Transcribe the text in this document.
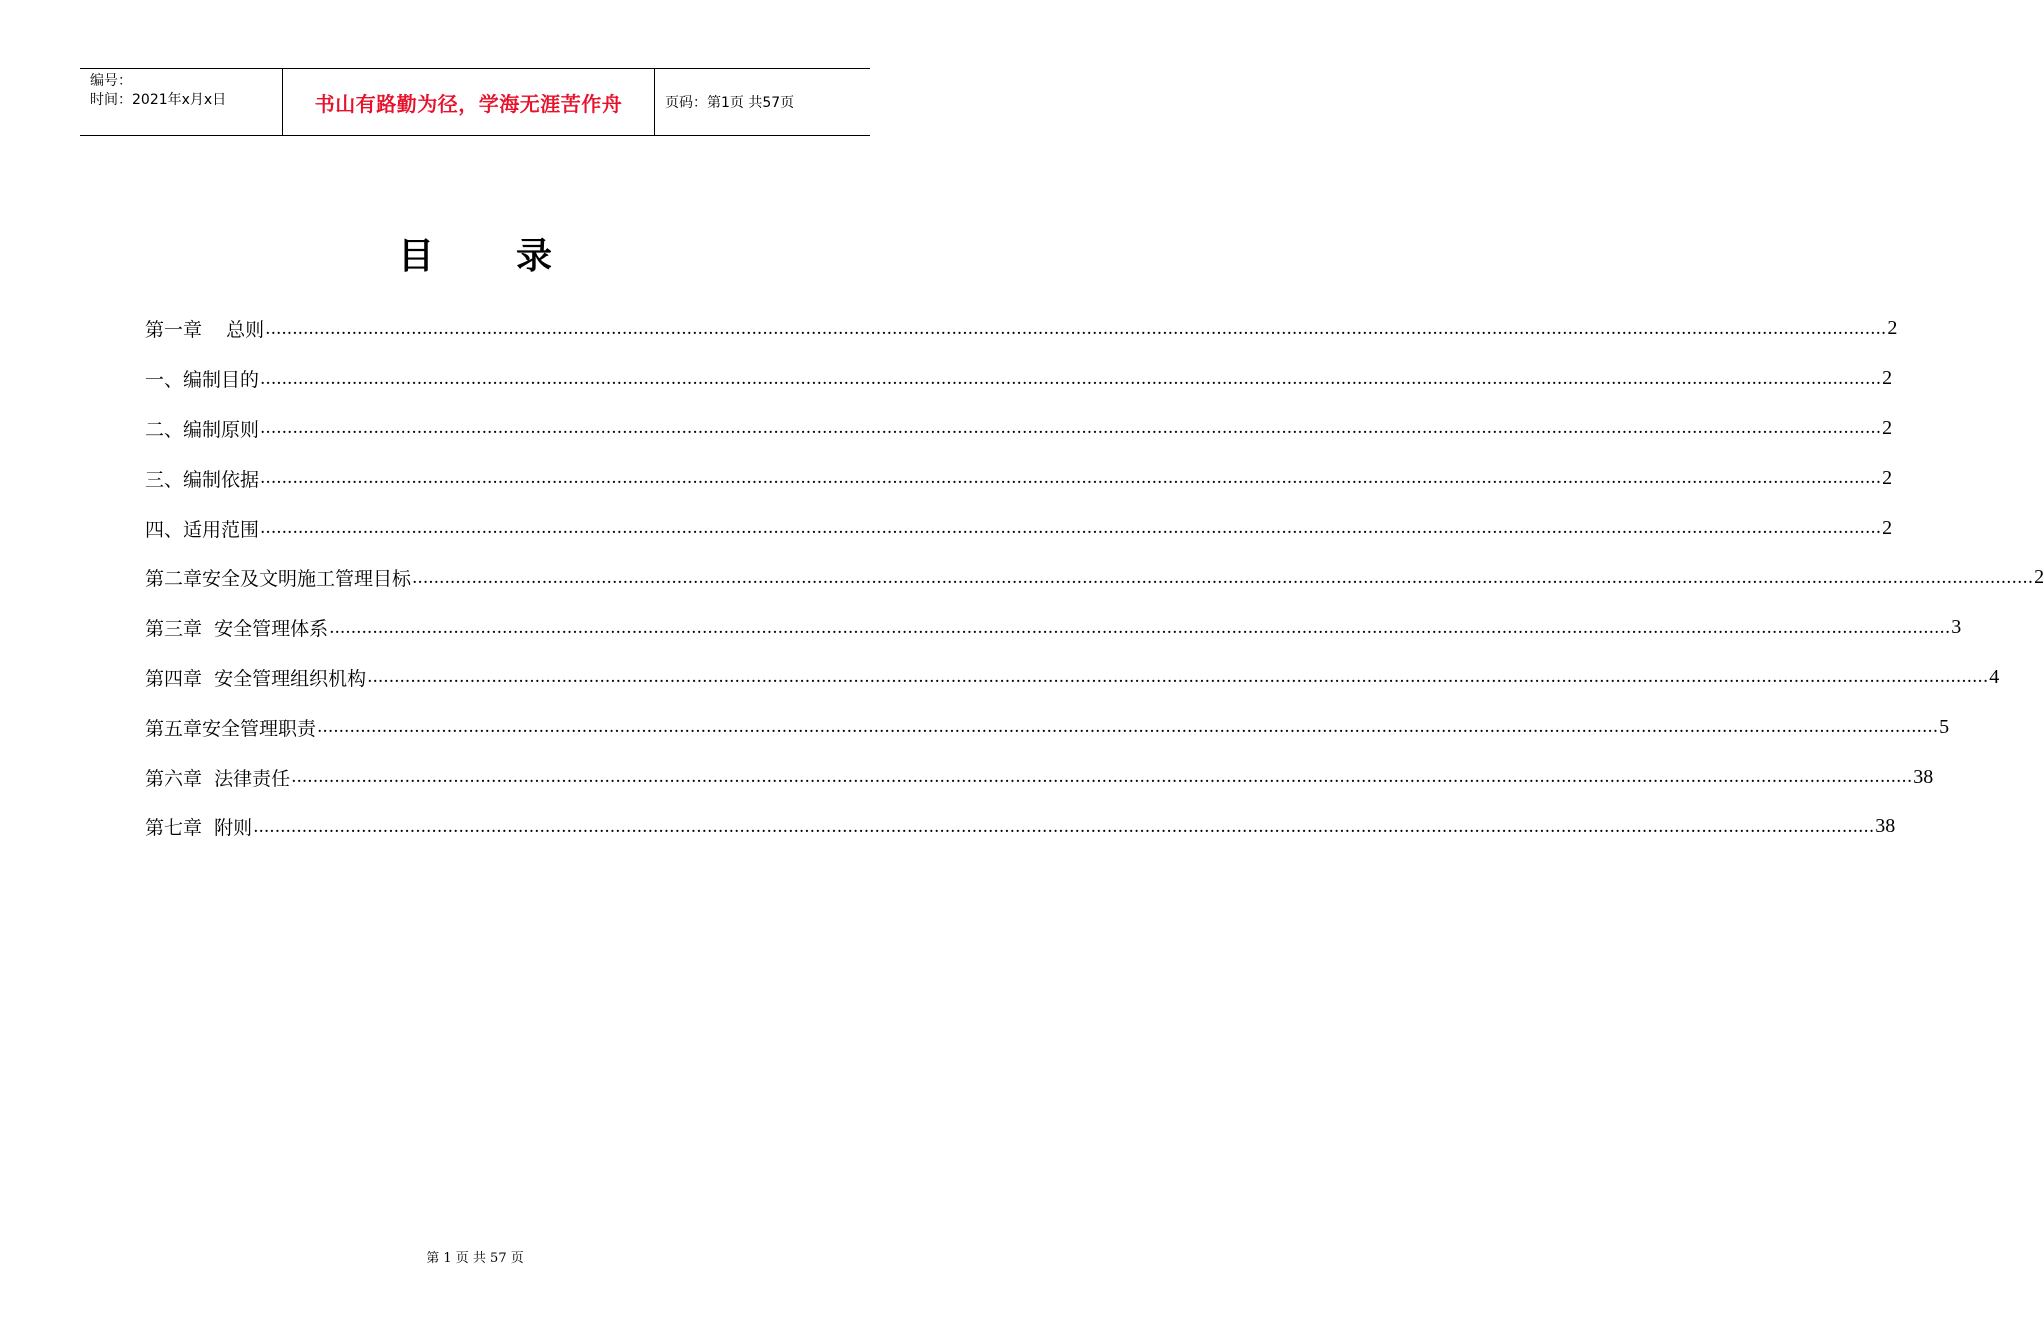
编号：
时间：2021年x月x日	书山有路勤为径，学海无涯苦作舟	页码：第1页 共57页
目 录
第一章    总则 ............................................................................................................................................................................................................................................................................................................ 2
一、编制目的 ............................................................................................................................................................................................................................................................................................................ 2
二、编制原则 ............................................................................................................................................................................................................................................................................................................ 2
三、编制依据 ............................................................................................................................................................................................................................................................................................................ 2
四、适用范围 ............................................................................................................................................................................................................................................................................................................ 2
第二章安全及文明施工管理目标 ............................................................................................................................................................................................................................................................................................................ 2
第三章  安全管理体系 ............................................................................................................................................................................................................................................................................................................ 3
第四章  安全管理组织机构 ............................................................................................................................................................................................................................................................................................................ 4
第五章安全管理职责 ............................................................................................................................................................................................................................................................................................................ 5
第六章  法律责任 ............................................................................................................................................................................................................................................................................................................ 38
第七章  附则 ............................................................................................................................................................................................................................................................................................................ 38
第 1 页 共 57 页
